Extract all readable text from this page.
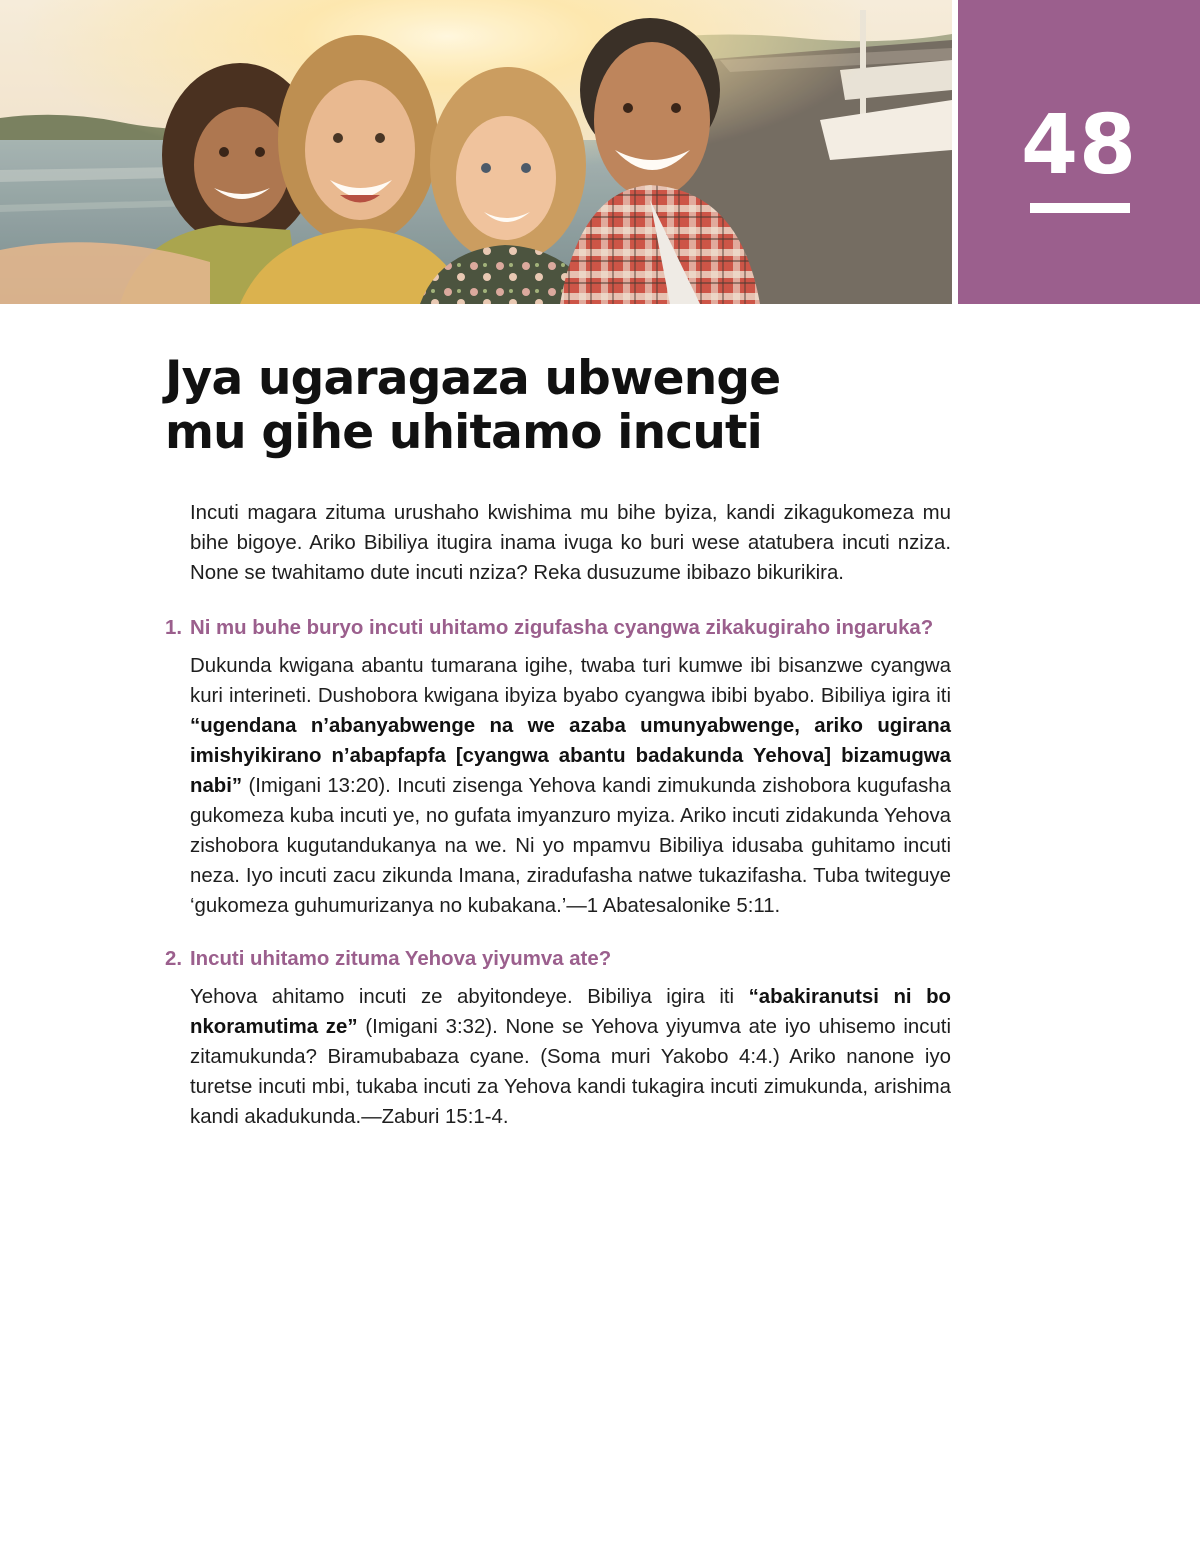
48
Jya ugaragaza ubwenge
mu gihe uhitamo incuti

Incuti magara zituma urushaho kwishima mu bihe byiza, kandi zikagukomeza mu bihe bigoye. Ariko Bibiliya itugira inama ivuga ko buri wese atatubera incuti nziza. None se twahitamo dute incuti nziza? Reka dusuzume ibibazo bikurikira.

1. Ni mu buhe buryo incuti uhitamo zigufasha cyangwa zikakugiraho ingaruka?

Dukunda kwigana abantu tumarana igihe, twaba turi kumwe ibi bisanzwe cyangwa kuri interineti. Dushobora kwigana ibyiza byabo cyangwa ibibi byabo. Bibiliya igira iti “ugendana n’abanyabwenge na we azaba umunyabwenge, ariko ugirana imishyikirano n’abapfapfa [cyangwa abantu badakunda Yehova] bizamugwa nabi” (Imigani 13:20). Incuti zisenga Yehova kandi zimukunda zishobora kugufasha gukomeza kuba incuti ye, no gufata imyanzuro myiza. Ariko incuti zidakunda Yehova zishobora kugutandukanya na we. Ni yo mpamvu Bibiliya idusaba guhitamo incuti neza. Iyo incuti zacu zikunda Imana, ziradufasha natwe tukazifasha. Tuba twiteguye ‘gukomeza guhumurizanya no kubakana.’—1 Abatesalonike 5:11.

2. Incuti uhitamo zituma Yehova yiyumva ate?

Yehova ahitamo incuti ze abyitondeye. Bibiliya igira iti “abakiranutsi ni bo nkoramutima ze” (Imigani 3:32). None se Yehova yiyumva ate iyo uhisemo incuti zitamukunda? Biramubabaza cyane. (Soma muri Yakobo 4:4.) Ariko nanone iyo turetse incuti mbi, tukaba incuti za Yehova kandi tukagira incuti zimukunda, arishima kandi akadukunda.—Zaburi 15:1-4.
